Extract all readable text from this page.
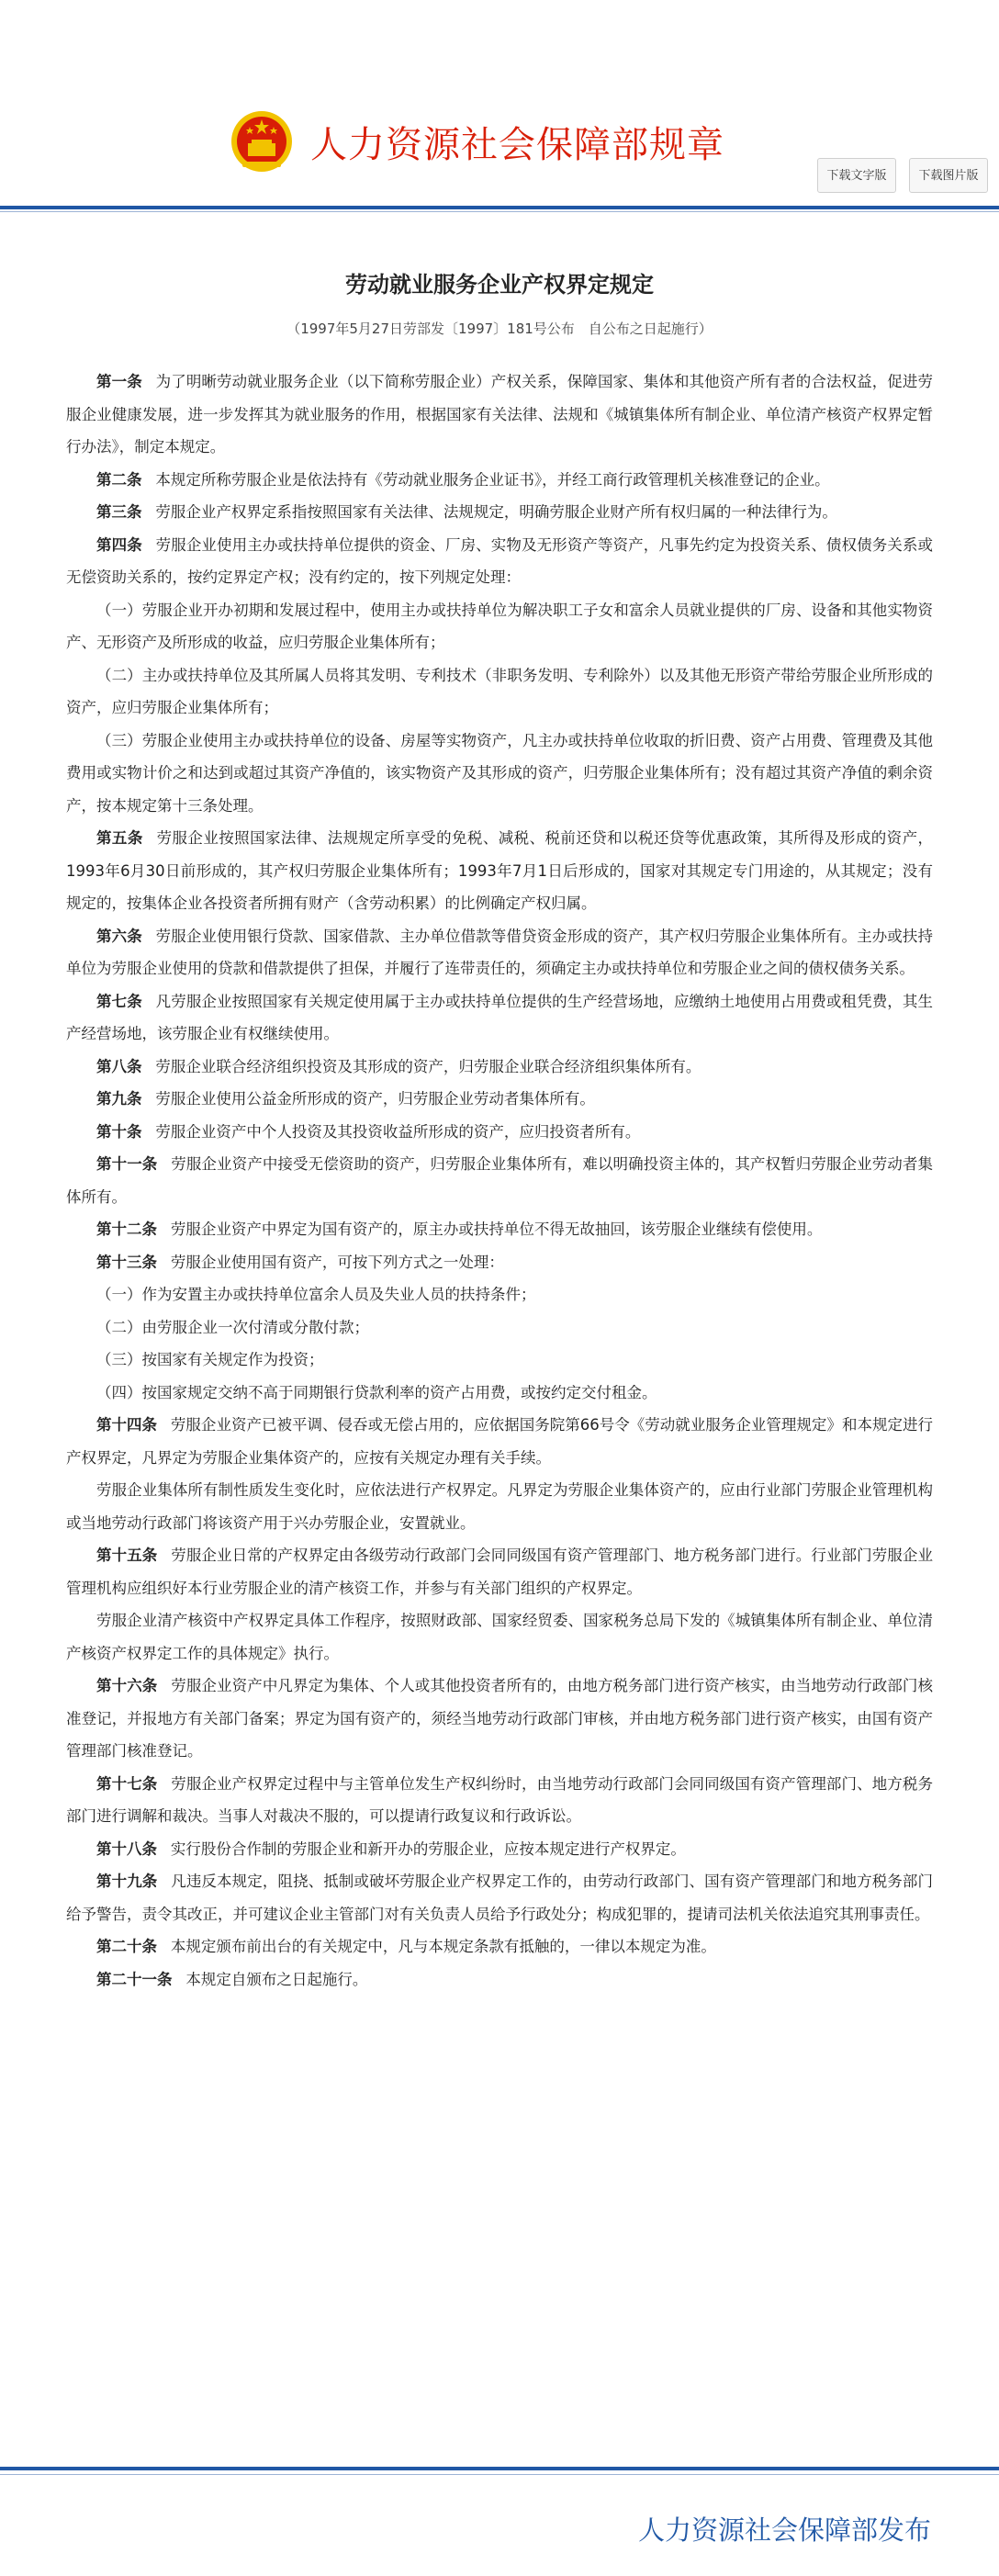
人力资源社会保障部规章
下载文字版	下载图片版
劳动就业服务企业产权界定规定
（1997年5月27日劳部发〔1997〕181号公布　自公布之日起施行）

第一条 为了明晰劳动就业服务企业（以下简称劳服企业）产权关系，保障国家、集体和其他资产所有者的合法权益，促进劳服企业健康发展，进一步发挥其为就业服务的作用，根据国家有关法律、法规和《城镇集体所有制企业、单位清产核资产权界定暂行办法》，制定本规定。

第二条 本规定所称劳服企业是依法持有《劳动就业服务企业证书》，并经工商行政管理机关核准登记的企业。

第三条 劳服企业产权界定系指按照国家有关法律、法规规定，明确劳服企业财产所有权归属的一种法律行为。

第四条 劳服企业使用主办或扶持单位提供的资金、厂房、实物及无形资产等资产，凡事先约定为投资关系、债权债务关系或无偿资助关系的，按约定界定产权；没有约定的，按下列规定处理：

（一）劳服企业开办初期和发展过程中，使用主办或扶持单位为解决职工子女和富余人员就业提供的厂房、设备和其他实物资产、无形资产及所形成的收益，应归劳服企业集体所有；

（二）主办或扶持单位及其所属人员将其发明、专利技术（非职务发明、专利除外）以及其他无形资产带给劳服企业所形成的资产，应归劳服企业集体所有；

（三）劳服企业使用主办或扶持单位的设备、房屋等实物资产，凡主办或扶持单位收取的折旧费、资产占用费、管理费及其他费用或实物计价之和达到或超过其资产净值的，该实物资产及其形成的资产，归劳服企业集体所有；没有超过其资产净值的剩余资产，按本规定第十三条处理。

第五条 劳服企业按照国家法律、法规规定所享受的免税、减税、税前还贷和以税还贷等优惠政策，其所得及形成的资产，1993年6月30日前形成的，其产权归劳服企业集体所有；1993年7月1日后形成的，国家对其规定专门用途的，从其规定；没有规定的，按集体企业各投资者所拥有财产（含劳动积累）的比例确定产权归属。

第六条 劳服企业使用银行贷款、国家借款、主办单位借款等借贷资金形成的资产，其产权归劳服企业集体所有。主办或扶持单位为劳服企业使用的贷款和借款提供了担保，并履行了连带责任的，须确定主办或扶持单位和劳服企业之间的债权债务关系。

第七条 凡劳服企业按照国家有关规定使用属于主办或扶持单位提供的生产经营场地，应缴纳土地使用占用费或租凭费，其生产经营场地，该劳服企业有权继续使用。

第八条 劳服企业联合经济组织投资及其形成的资产，归劳服企业联合经济组织集体所有。

第九条 劳服企业使用公益金所形成的资产，归劳服企业劳动者集体所有。

第十条 劳服企业资产中个人投资及其投资收益所形成的资产，应归投资者所有。

第十一条 劳服企业资产中接受无偿资助的资产，归劳服企业集体所有，难以明确投资主体的，其产权暂归劳服企业劳动者集体所有。

第十二条 劳服企业资产中界定为国有资产的，原主办或扶持单位不得无故抽回，该劳服企业继续有偿使用。

第十三条 劳服企业使用国有资产，可按下列方式之一处理：

（一）作为安置主办或扶持单位富余人员及失业人员的扶持条件；

（二）由劳服企业一次付清或分散付款；

（三）按国家有关规定作为投资；

（四）按国家规定交纳不高于同期银行贷款利率的资产占用费，或按约定交付租金。

第十四条 劳服企业资产已被平调、侵吞或无偿占用的，应依据国务院第66号令《劳动就业服务企业管理规定》和本规定进行产权界定，凡界定为劳服企业集体资产的，应按有关规定办理有关手续。

劳服企业集体所有制性质发生变化时，应依法进行产权界定。凡界定为劳服企业集体资产的，应由行业部门劳服企业管理机构或当地劳动行政部门将该资产用于兴办劳服企业，安置就业。

第十五条 劳服企业日常的产权界定由各级劳动行政部门会同同级国有资产管理部门、地方税务部门进行。行业部门劳服企业管理机构应组织好本行业劳服企业的清产核资工作，并参与有关部门组织的产权界定。

劳服企业清产核资中产权界定具体工作程序，按照财政部、国家经贸委、国家税务总局下发的《城镇集体所有制企业、单位清产核资产权界定工作的具体规定》执行。

第十六条 劳服企业资产中凡界定为集体、个人或其他投资者所有的，由地方税务部门进行资产核实，由当地劳动行政部门核准登记，并报地方有关部门备案；界定为国有资产的，须经当地劳动行政部门审核，并由地方税务部门进行资产核实，由国有资产管理部门核准登记。

第十七条 劳服企业产权界定过程中与主管单位发生产权纠纷时，由当地劳动行政部门会同同级国有资产管理部门、地方税务部门进行调解和裁决。当事人对裁决不服的，可以提请行政复议和行政诉讼。

第十八条 实行股份合作制的劳服企业和新开办的劳服企业，应按本规定进行产权界定。

第十九条 凡违反本规定，阻挠、抵制或破坏劳服企业产权界定工作的，由劳动行政部门、国有资产管理部门和地方税务部门给予警告，责令其改正，并可建议企业主管部门对有关负责人员给予行政处分；构成犯罪的，提请司法机关依法追究其刑事责任。

第二十条 本规定颁布前出台的有关规定中，凡与本规定条款有抵触的，一律以本规定为准。

第二十一条 本规定自颁布之日起施行。

人力资源社会保障部发布
